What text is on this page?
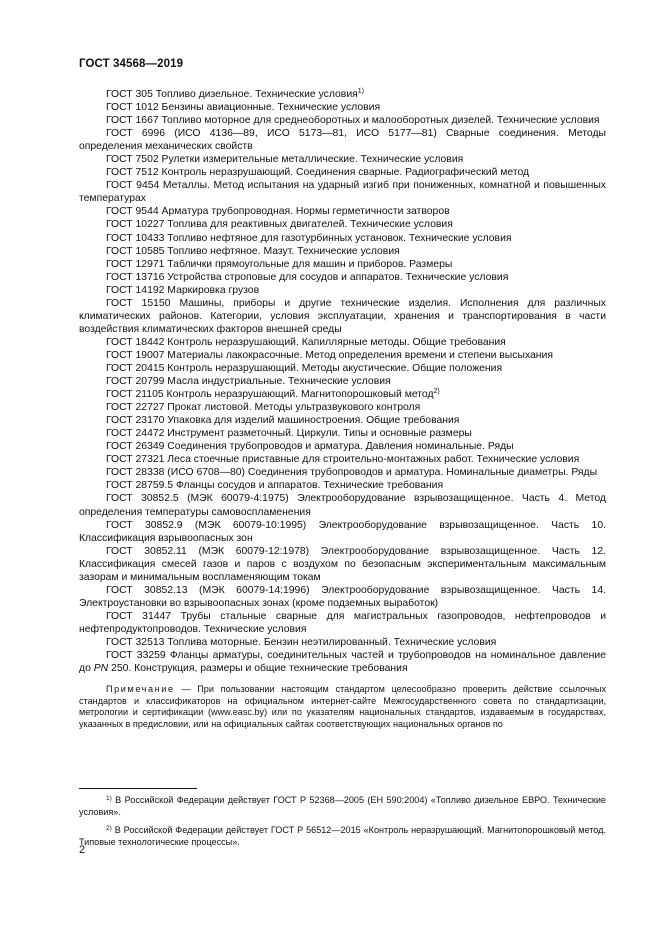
ГОСТ 34568—2019
ГОСТ 305 Топливо дизельное. Технические условия$^{1)}$
ГОСТ 1012 Бензины авиационные. Технические условия
ГОСТ 1667 Топливо моторное для среднеоборотных и малооборотных дизелей. Технические условия
ГОСТ 6996 (ИСО 4136—89, ИСО 5173—81, ИСО 5177—81) Сварные соединения. Методы определения механических свойств
ГОСТ 7502 Рулетки измерительные металлические. Технические условия
ГОСТ 7512 Контроль неразрушающий. Соединения сварные. Радиографический метод
ГОСТ 9454 Металлы. Метод испытания на ударный изгиб при пониженных, комнатной и повышенных температурах
ГОСТ 9544 Арматура трубопроводная. Нормы герметичности затворов
ГОСТ 10227 Топлива для реактивных двигателей. Технические условия
ГОСТ 10433 Топливо нефтяное для газотурбинных установок. Технические условия
ГОСТ 10585 Топливо нефтяное. Мазут. Технические условия
ГОСТ 12971 Таблички прямоугольные для машин и приборов. Размеры
ГОСТ 13716 Устройства строповые для сосудов и аппаратов. Технические условия
ГОСТ 14192 Маркировка грузов
ГОСТ 15150 Машины, приборы и другие технические изделия. Исполнения для различных климатических районов. Категории, условия эксплуатации, хранения и транспортирования в части воздействия климатических факторов внешней среды
ГОСТ 18442 Контроль неразрушающий. Капиллярные методы. Общие требования
ГОСТ 19007 Материалы лакокрасочные. Метод определения времени и степени высыхания
ГОСТ 20415 Контроль неразрушающий. Методы акустические. Общие положения
ГОСТ 20799 Масла индустриальные. Технические условия
ГОСТ 21105 Контроль неразрушающий. Магнитопорошковый метод$^{2)}$
ГОСТ 22727 Прокат листовой. Методы ультразвукового контроля
ГОСТ 23170 Упаковка для изделий машиностроения. Общие требования
ГОСТ 24472 Инструмент разметочный. Циркули. Типы и основные размеры
ГОСТ 26349 Соединения трубопроводов и арматура. Давления номинальные. Ряды
ГОСТ 27321 Леса стоечные приставные для строительно-монтажных работ. Технические условия
ГОСТ 28338 (ИСО 6708—80) Соединения трубопроводов и арматура. Номинальные диаметры. Ряды
ГОСТ 28759.5 Фланцы сосудов и аппаратов. Технические требования
ГОСТ 30852.5 (МЭК 60079-4:1975) Электрооборудование взрывозащищенное. Часть 4. Метод определения температуры самовоспламенения
ГОСТ 30852.9 (МЭК 60079-10:1995) Электрооборудование взрывозащищенное. Часть 10. Классификация взрывоопасных зон
ГОСТ 30852.11 (МЭК 60079-12:1978) Электрооборудование взрывозащищенное. Часть 12. Классификация смесей газов и паров с воздухом по безопасным экспериментальным максимальным зазорам и минимальным воспламеняющим токам
ГОСТ 30852.13 (МЭК 60079-14:1996) Электрооборудование взрывозащищенное. Часть 14. Электроустановки во взрывоопасных зонах (кроме подземных выработок)
ГОСТ 31447 Трубы стальные сварные для магистральных газопроводов, нефтепроводов и нефтепродуктопроводов. Технические условия
ГОСТ 32513 Топлива моторные. Бензин неэтилированный. Технические условия
ГОСТ 33259 Фланцы арматуры, соединительных частей и трубопроводов на номинальное давление до PN 250. Конструкция, размеры и общие технические требования
Примечание — При пользовании настоящим стандартом целесообразно проверить действие ссылочных стандартов и классификаторов на официальном интернет-сайте Межгосударственного совета по стандартизации, метрологии и сертификации (www.easc.by) или по указателям национальных стандартов, издаваемым в государствах, указанных в предисловии, или на официальных сайтах соответствующих национальных органов по
$^{1)}$ В Российской Федерации действует ГОСТ Р 52368—2005 (ЕН 590:2004) «Топливо дизельное ЕВРО. Технические условия».
$^{2)}$ В Российской Федерации действует ГОСТ Р 56512—2015 «Контроль неразрушающий. Магнитопорошковый метод. Типовые технологические процессы».
2
